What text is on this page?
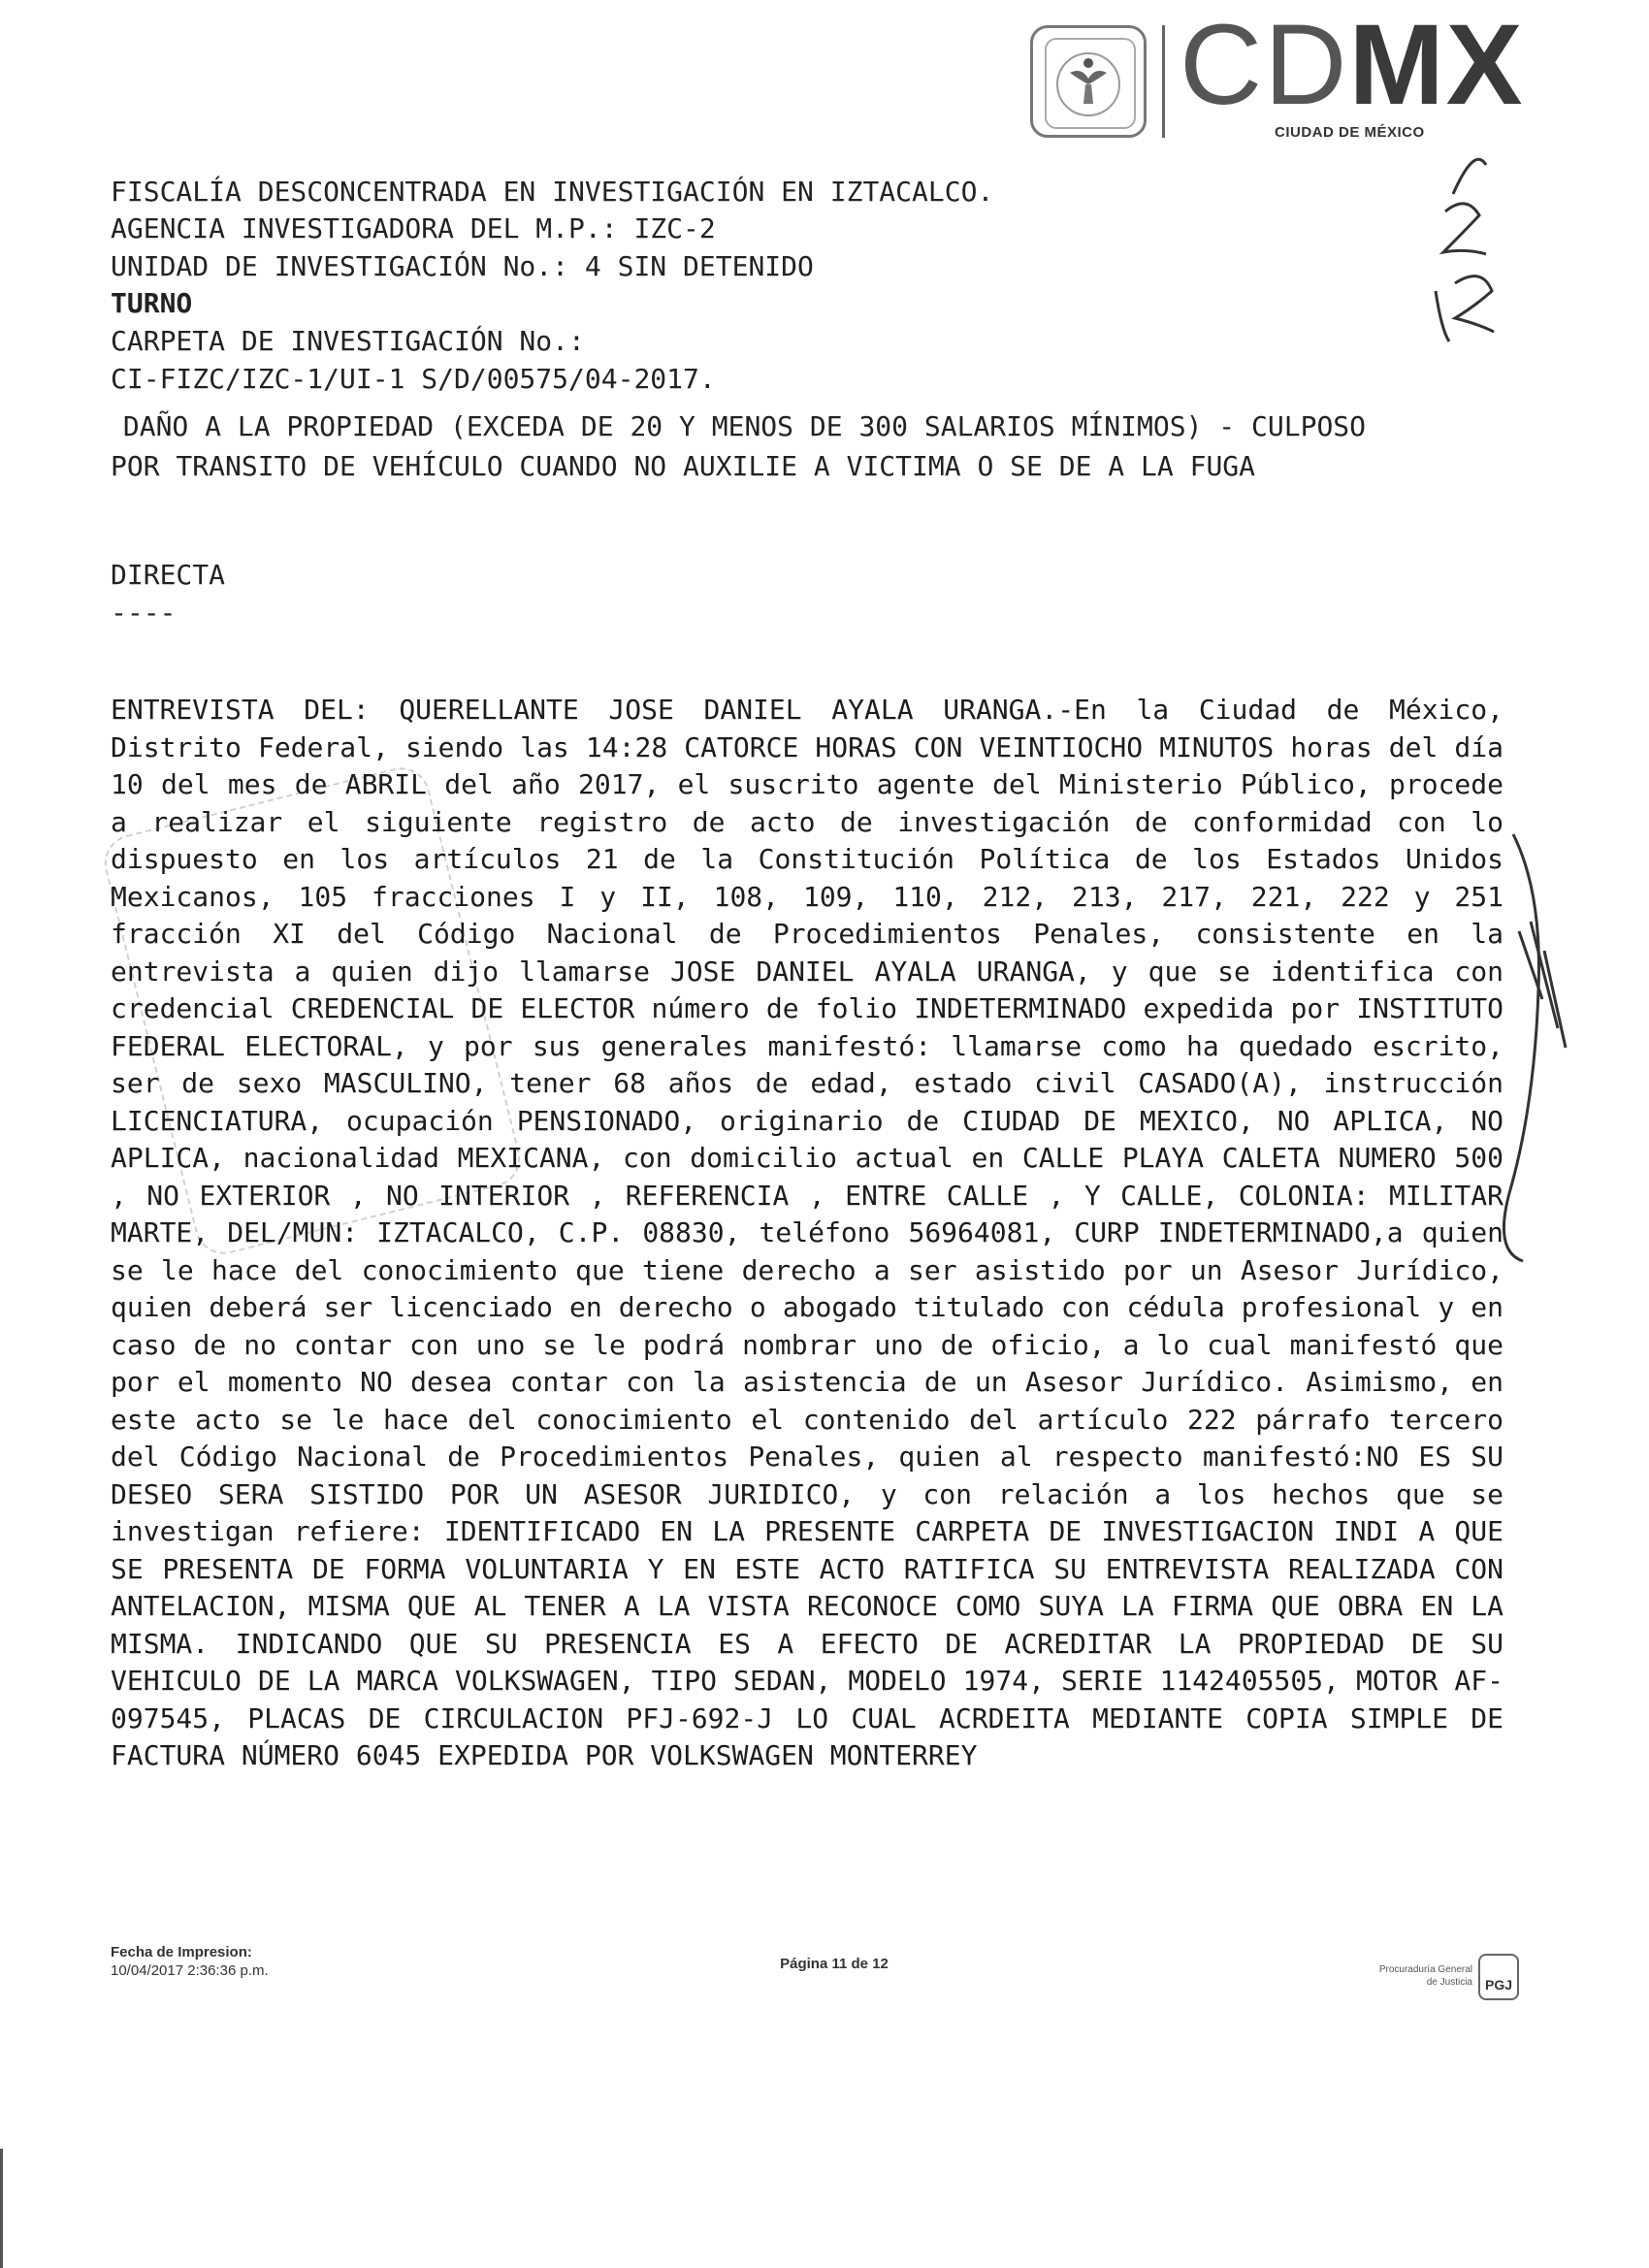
CDMX
CIUDAD DE MÉXICO
FISCALÍA DESCONCENTRADA EN INVESTIGACIÓN EN IZTACALCO.
AGENCIA INVESTIGADORA DEL M.P.: IZC-2
UNIDAD DE INVESTIGACIÓN No.: 4 SIN DETENIDO
TURNO
CARPETA DE INVESTIGACIÓN No.:
CI-FIZC/IZC-1/UI-1 S/D/00575/04-2017.
DAÑO A LA PROPIEDAD (EXCEDA DE 20 Y MENOS DE 300 SALARIOS MÍNIMOS) - CULPOSO
POR TRANSITO DE VEHÍCULO CUANDO NO AUXILIE A VICTIMA O SE DE A LA FUGA
DIRECTA
----
ENTREVISTA DEL: QUERELLANTE JOSE DANIEL AYALA URANGA.-En la Ciudad de México, Distrito Federal, siendo las 14:28 CATORCE HORAS CON VEINTIOCHO MINUTOS horas del día 10 del mes de ABRIL del año 2017, el suscrito agente del Ministerio Público, procede a realizar el siguiente registro de acto de investigación de conformidad con lo dispuesto en los artículos 21 de la Constitución Política de los Estados Unidos Mexicanos, 105 fracciones I y II, 108, 109, 110, 212, 213, 217, 221, 222 y 251 fracción XI del Código Nacional de Procedimientos Penales, consistente en la entrevista a quien dijo llamarse JOSE DANIEL AYALA URANGA, y que se identifica con credencial CREDENCIAL DE ELECTOR número de folio INDETERMINADO expedida por INSTITUTO FEDERAL ELECTORAL, y por sus generales manifestó: llamarse como ha quedado escrito, ser de sexo MASCULINO, tener 68 años de edad, estado civil CASADO(A), instrucción LICENCIATURA, ocupación PENSIONADO, originario de CIUDAD DE MEXICO, NO APLICA, NO APLICA, nacionalidad MEXICANA, con domicilio actual en CALLE PLAYA CALETA NUMERO 500 , NO EXTERIOR , NO INTERIOR , REFERENCIA , ENTRE CALLE , Y CALLE, COLONIA: MILITAR MARTE, DEL/MUN: IZTACALCO, C.P. 08830, teléfono 56964081, CURP INDETERMINADO,a quien se le hace del conocimiento que tiene derecho a ser asistido por un Asesor Jurídico, quien deberá ser licenciado en derecho o abogado titulado con cédula profesional y en caso de no contar con uno se le podrá nombrar uno de oficio, a lo cual manifestó que por el momento NO desea contar con la asistencia de un Asesor Jurídico. Asimismo, en este acto se le hace del conocimiento el contenido del artículo 222 párrafo tercero del Código Nacional de Procedimientos Penales, quien al respecto manifestó:NO ES SU DESEO SERA SISTIDO POR UN ASESOR JURIDICO, y con relación a los hechos que se investigan refiere: IDENTIFICADO EN LA PRESENTE CARPETA DE INVESTIGACION INDI A QUE SE PRESENTA DE FORMA VOLUNTARIA Y EN ESTE ACTO RATIFICA SU ENTREVISTA REALIZADA CON ANTELACION, MISMA QUE AL TENER A LA VISTA RECONOCE COMO SUYA LA FIRMA QUE OBRA EN LA MISMA. INDICANDO QUE SU PRESENCIA ES A EFECTO DE ACREDITAR LA PROPIEDAD DE SU VEHICULO DE LA MARCA VOLKSWAGEN, TIPO SEDAN, MODELO 1974, SERIE 1142405505, MOTOR AF-097545, PLACAS DE CIRCULACION PFJ-692-J LO CUAL ACRDEITA MEDIANTE COPIA SIMPLE DE FACTURA NÚMERO 6045 EXPEDIDA POR VOLKSWAGEN MONTERREY
Fecha de Impresion:
10/04/2017 2:36:36 p.m.	Página 11 de 12	Procuraduría General
de Justicia PGJ
